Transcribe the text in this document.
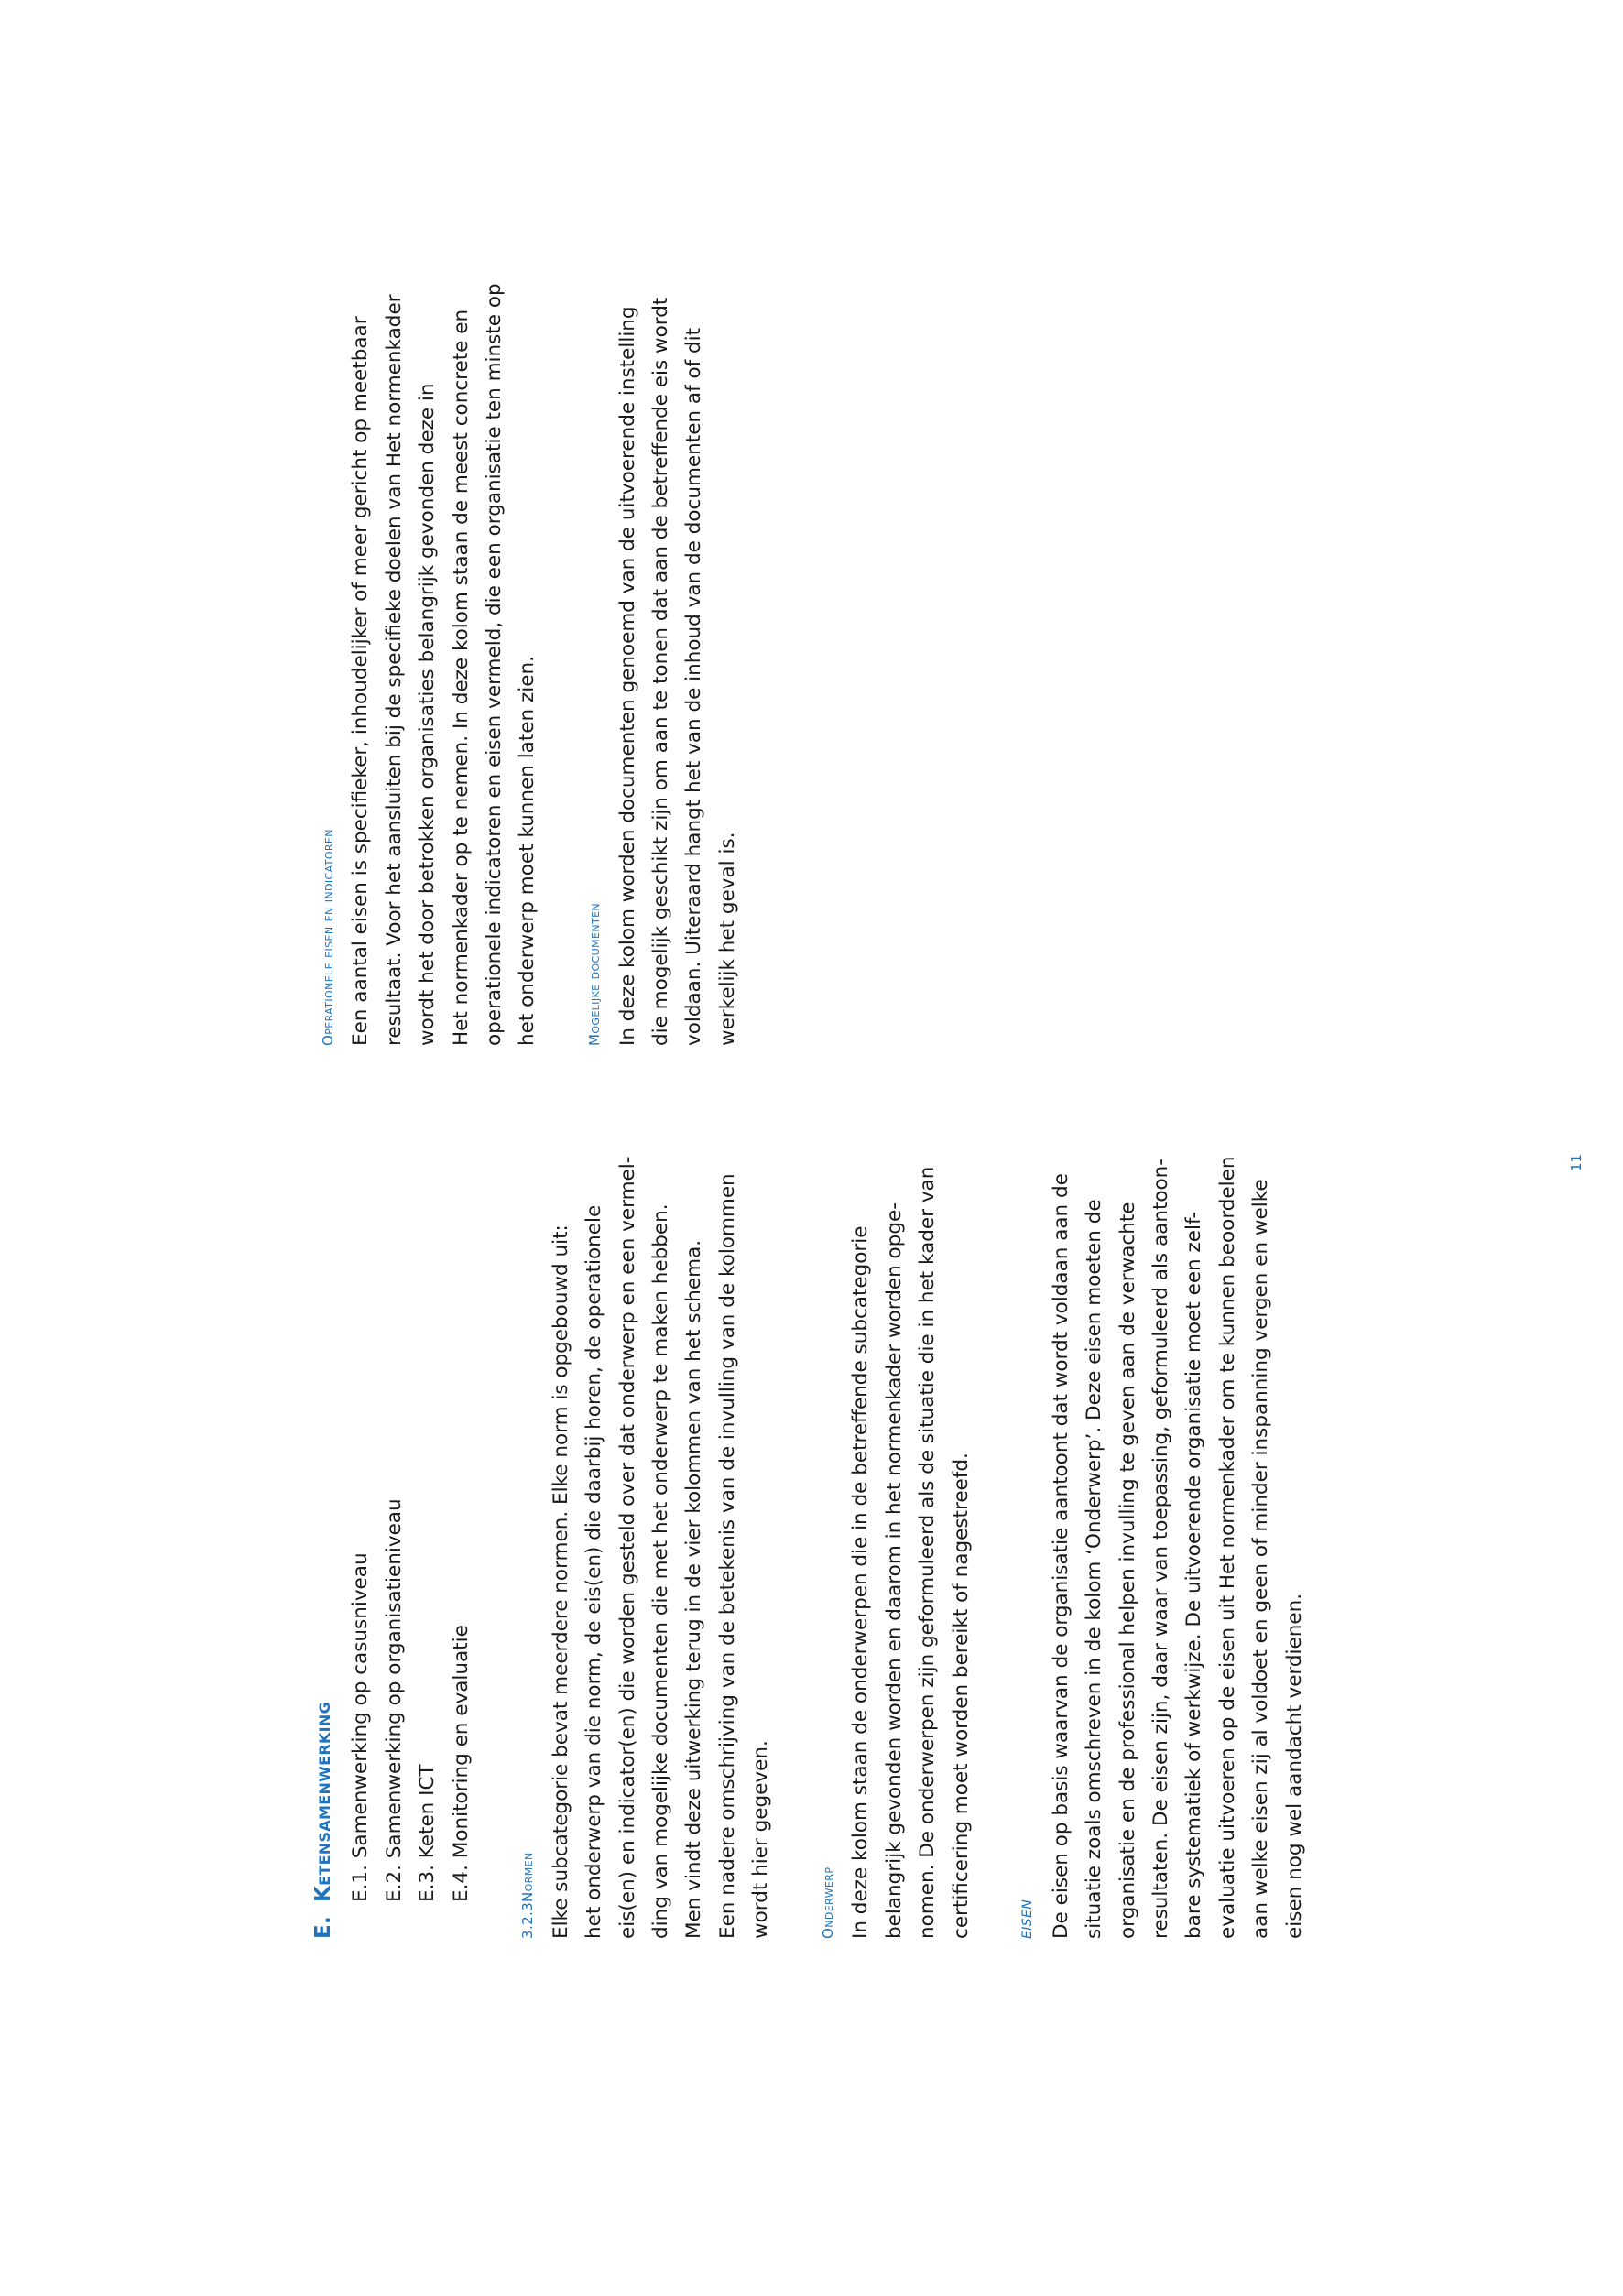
E.
Ketensamenwerking E.1. Samenwerking op casusniveau E.2. Samenwerking op organisatieniveau E.3. Keten ICT E.4. Monitoring en evaluatie

3.2.3Normen Elke subcategorie bevat meerdere normen. Elke norm is opgebouwd uit: het onderwerp van die norm, de eis(en) die daarbij horen, de operationele eis(en) en indicator(en) die worden gesteld over dat onderwerp en een vermel- ding van mogelijke documenten die met het onderwerp te maken hebben. Men vindt deze uitwerking terug in de vier kolommen van het schema. Een nadere omschrijving van de betekenis van de invulling van de kolommen wordt hier gegeven.	Onderwerp In deze kolom staan de onderwerpen die in de betreffende subcategorie belangrijk gevonden worden en daarom in het normenkader worden opge- nomen. De onderwerpen zijn geformuleerd als de situatie die in het kader van certificering moet worden bereikt of nagestreefd.	EISEN De eisen op basis waarvan de organisatie aantoont dat wordt voldaan aan de situatie zoals omschreven in de kolom ‘Onderwerp’. Deze eisen moeten de organisatie en de professional helpen invulling te geven aan de verwachte resultaten. De eisen zijn, daar waar van toepassing, geformuleerd als aantoon- bare systematiek of werkwijze. De uitvoerende organisatie moet een zelf- evaluatie uitvoeren op de eisen uit Het normenkader om te kunnen beoordelen aan welke eisen zij al voldoet en geen of minder inspanning vergen en welke eisen nog wel aandacht verdienen.

Operationele eisen en indicatoren Een aantal eisen is specifieker, inhoudelijker of meer gericht op meetbaar resultaat. Voor het aansluiten bij de specifieke doelen van Het normenkader wordt het door betrokken organisaties belangrijk gevonden deze in Het normenkader op te nemen. In deze kolom staan de meest concrete en operationele indicatoren en eisen vermeld, die een organisatie ten minste op het onderwerp moet kunnen laten zien.	Mogelijke documenten In deze kolom worden documenten genoemd van de uitvoerende instelling die mogelijk geschikt zijn om aan te tonen dat aan de betreffende eis wordt voldaan. Uiteraard hangt het van de inhoud van de documenten af of dit werkelijk het geval is.

11
